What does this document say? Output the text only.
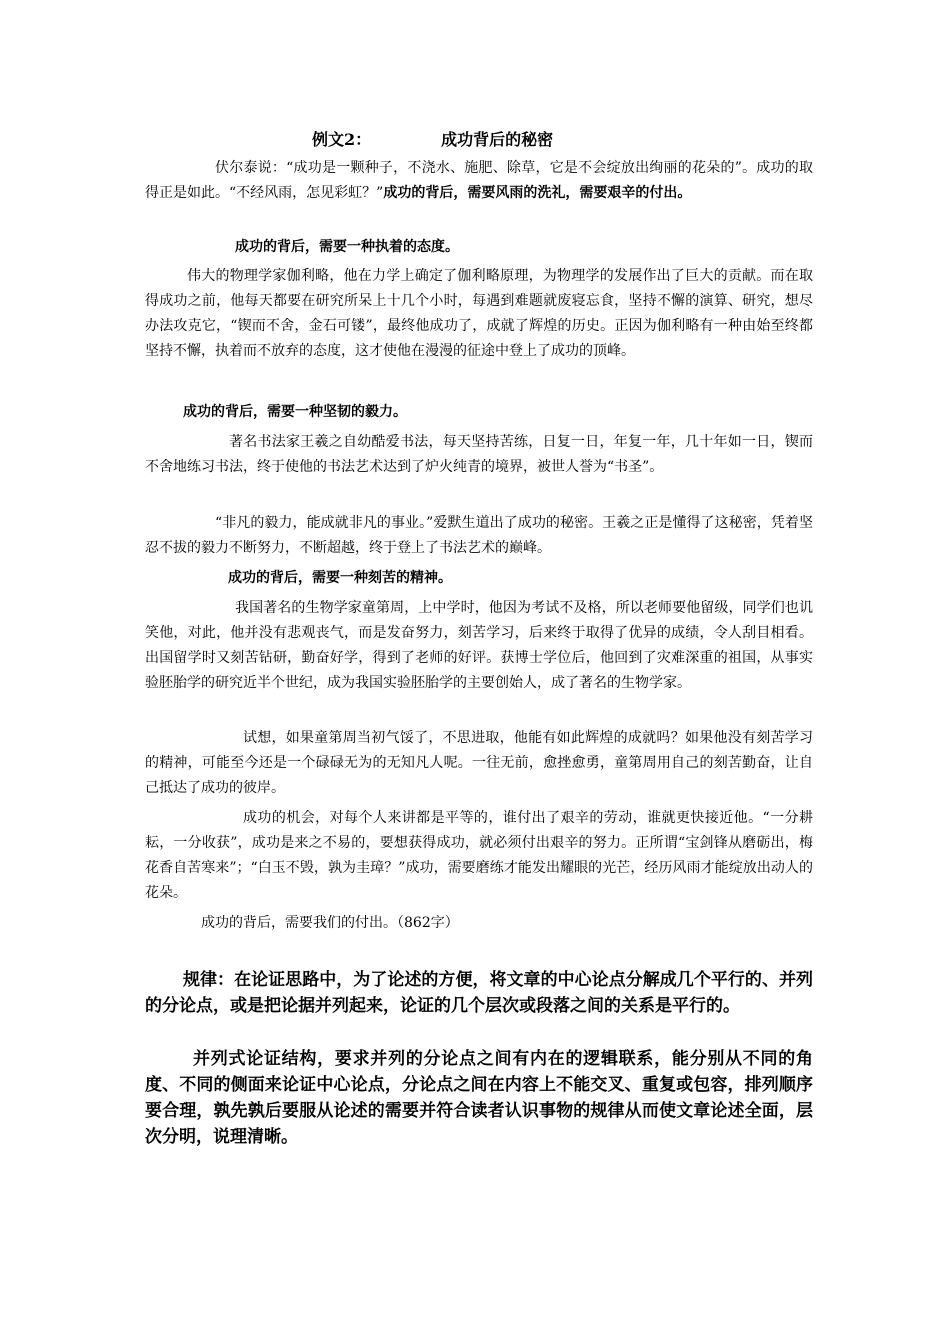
例文2：	成功背后的秘密
伏尔泰说：“成功是一颗种子，不浇水、施肥、除草，它是不会绽放出绚丽的花朵的”。成功的取得正是如此。“不经风雨，怎见彩虹？”成功的背后，需要风雨的洗礼，需要艰辛的付出。
成功的背后，需要一种执着的态度。
伟大的物理学家伽利略，他在力学上确定了伽利略原理，为物理学的发展作出了巨大的贡献。而在取得成功之前，他每天都要在研究所呆上十几个小时，每遇到难题就废寝忘食，坚持不懈的演算、研究，想尽办法攻克它，“锲而不舍，金石可镂”，最终他成功了，成就了辉煌的历史。正因为伽利略有一种由始至终都坚持不懈，执着而不放弃的态度，这才使他在漫漫的征途中登上了成功的顶峰。
成功的背后，需要一种坚韧的毅力。
著名书法家王羲之自幼酷爱书法，每天坚持苦练，日复一日，年复一年，几十年如一日，锲而不舍地练习书法，终于使他的书法艺术达到了炉火纯青的境界，被世人誉为“书圣”。
“非凡的毅力，能成就非凡的事业。”爱默生道出了成功的秘密。王羲之正是懂得了这秘密，凭着坚忍不拔的毅力不断努力，不断超越，终于登上了书法艺术的巅峰。
成功的背后，需要一种刻苦的精神。
我国著名的生物学家童第周，上中学时，他因为考试不及格，所以老师要他留级，同学们也讥笑他，对此，他并没有悲观丧气，而是发奋努力，刻苦学习，后来终于取得了优异的成绩，令人刮目相看。出国留学时又刻苦钻研，勤奋好学，得到了老师的好评。获博士学位后，他回到了灾难深重的祖国，从事实验胚胎学的研究近半个世纪，成为我国实验胚胎学的主要创始人，成了著名的生物学家。
试想，如果童第周当初气馁了，不思进取，他能有如此辉煌的成就吗？如果他没有刻苦学习的精神，可能至今还是一个碌碌无为的无知凡人呢。一往无前，愈挫愈勇，童第周用自己的刻苦勤奋，让自己抵达了成功的彼岸。
成功的机会，对每个人来讲都是平等的，谁付出了艰辛的劳动，谁就更快接近他。“一分耕耘，一分收获”，成功是来之不易的，要想获得成功，就必须付出艰辛的努力。正所谓“宝剑锋从磨砺出，梅花香自苦寒来”；“白玉不毁，孰为圭璋？”成功，需要磨练才能发出耀眼的光芒，经历风雨才能绽放出动人的花朵。
成功的背后，需要我们的付出。（862字）
规律：在论证思路中，为了论述的方便，将文章的中心论点分解成几个平行的、并列的分论点，或是把论据并列起来，论证的几个层次或段落之间的关系是平行的。
并列式论证结构，要求并列的分论点之间有内在的逻辑联系，能分别从不同的角度、不同的侧面来论证中心论点，分论点之间在内容上不能交叉、重复或包容，排列顺序要合理，孰先孰后要服从论述的需要并符合读者认识事物的规律从而使文章论述全面，层次分明，说理清晰。
